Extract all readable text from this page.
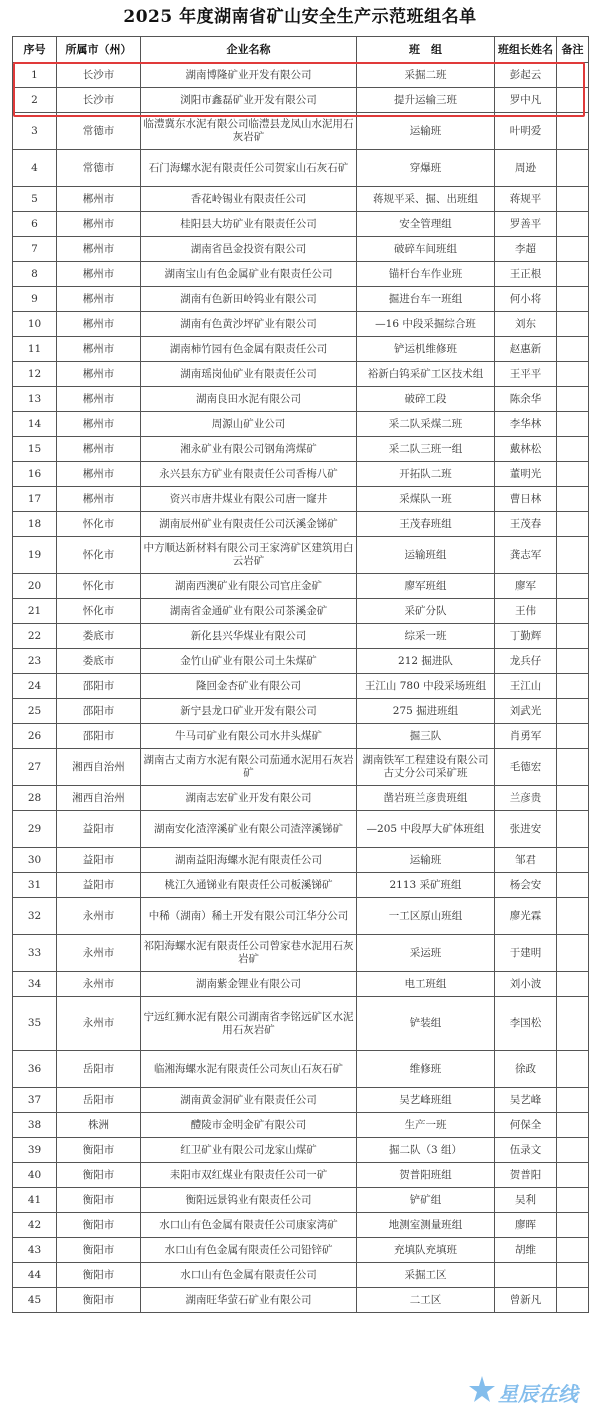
2025 年度湖南省矿山安全生产示范班组名单
序号	所属市（州）	企业名称	班　组	班组长姓名	备注
1	长沙市	湖南博隆矿业开发有限公司	采掘二班	彭起云	
2	长沙市	浏阳市鑫磊矿业开发有限公司	提升运输三班	罗中凡	
3	常德市	临澧冀东水泥有限公司临澧县龙凤山水泥用石灰岩矿	运输班	叶明爱	
4	常德市	石门海螺水泥有限责任公司贺家山石灰石矿	穿爆班	周逊	
5	郴州市	香花岭锡业有限责任公司	蒋规平采、掘、出班组	蒋规平	
6	郴州市	桂阳县大坊矿业有限责任公司	安全管理组	罗善平	
7	郴州市	湖南省邑金投资有限公司	破碎车间班组	李超	
8	郴州市	湖南宝山有色金属矿业有限责任公司	锚杆台车作业班	王正根	
9	郴州市	湖南有色新田岭钨业有限公司	掘进台车一班组	何小将	
10	郴州市	湖南有色黄沙坪矿业有限公司	—16 中段采掘综合班	刘东	
11	郴州市	湖南柿竹园有色金属有限责任公司	铲运机维修班	赵惠新	
12	郴州市	湖南瑶岗仙矿业有限责任公司	裕新白钨采矿工区技术组	王平平	
13	郴州市	湖南良田水泥有限公司	破碎工段	陈余华	
14	郴州市	周源山矿业公司	采二队采煤二班	李华林	
15	郴州市	湘永矿业有限公司钢角湾煤矿	采二队三班一组	戴林松	
16	郴州市	永兴县东方矿业有限责任公司香梅八矿	开拓队二班	董明光	
17	郴州市	资兴市唐井煤业有限公司唐一窿井	采煤队一班	曹日林	
18	怀化市	湖南辰州矿业有限责任公司沃溪金锑矿	王茂春班组	王茂春	
19	怀化市	中方顺达新材料有限公司王家湾矿区建筑用白云岩矿	运输班组	龚志军	
20	怀化市	湖南西澳矿业有限公司官庄金矿	廖军班组	廖军	
21	怀化市	湖南省金通矿业有限公司茶溪金矿	采矿分队	王伟	
22	娄底市	新化县兴华煤业有限公司	综采一班	丁勤辉	
23	娄底市	金竹山矿业有限公司土朱煤矿	212 掘进队	龙兵仔	
24	邵阳市	隆回金杏矿业有限公司	王江山 780 中段采场班组	王江山	
25	邵阳市	新宁县龙口矿业开发有限公司	275 掘进班组	刘武光	
26	邵阳市	牛马司矿业有限公司水井头煤矿	掘三队	肖勇军	
27	湘西自治州	湖南古丈南方水泥有限公司茄通水泥用石灰岩矿	湖南铁军工程建设有限公司古丈分公司采矿班	毛德宏	
28	湘西自治州	湖南志宏矿业开发有限公司	凿岩班兰彦贵班组	兰彦贵	
29	益阳市	湖南安化渣滓溪矿业有限公司渣滓溪锑矿	—205 中段厚大矿体班组	张进安	
30	益阳市	湖南益阳海螺水泥有限责任公司	运输班	邹君	
31	益阳市	桃江久通锑业有限责任公司板溪锑矿	2113 采矿班组	杨会安	
32	永州市	中稀（湖南）稀土开发有限公司江华分公司	一工区原山班组	廖光霖	
33	永州市	祁阳海螺水泥有限责任公司曾家巷水泥用石灰岩矿	采运班	于建明	
34	永州市	湖南紫金锂业有限公司	电工班组	刘小波	
35	永州市	宁远红狮水泥有限公司湖南省李铭远矿区水泥用石灰岩矿	铲装组	李国松	
36	岳阳市	临湘海螺水泥有限责任公司灰山石灰石矿	维修班	徐政	
37	岳阳市	湖南黄金洞矿业有限责任公司	吴艺峰班组	吴艺峰	
38	株洲	醴陵市金明金矿有限公司	生产一班	何保全	
39	衡阳市	红卫矿业有限公司龙家山煤矿	掘二队（3 组）	伍录文	
40	衡阳市	耒阳市双红煤业有限责任公司一矿	贺普阳班组	贺普阳	
41	衡阳市	衡阳远景钨业有限责任公司	铲矿组	吴利	
42	衡阳市	水口山有色金属有限责任公司康家湾矿	地测室测量班组	廖晖	
43	衡阳市	水口山有色金属有限责任公司铅锌矿	充填队充填班	胡维	
44	衡阳市	水口山有色金属有限责任公司	采掘工区		
45	衡阳市	湖南旺华萤石矿业有限公司	二工区	曾新凡	
星辰在线
